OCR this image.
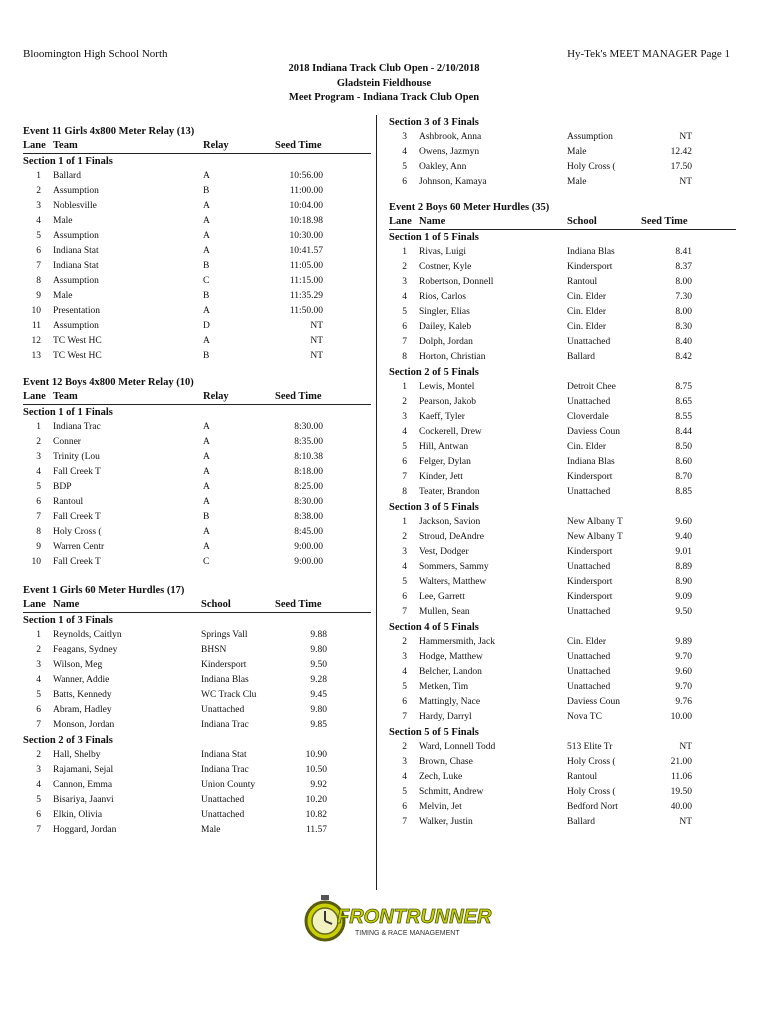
Bloomington High School North	Hy-Tek's MEET MANAGER Page 1
2018 Indiana Track Club Open - 2/10/2018
Gladstein Fieldhouse
Meet Program - Indiana Track Club Open
Event 11 Girls 4x800 Meter Relay (13)
Lane Team	Relay	Seed Time
Section 1 of 1 Finals
1 Ballard	A	10:56.00
2 Assumption	B	11:00.00
3 Noblesville	A	10:04.00
4 Male	A	10:18.98
5 Assumption	A	10:30.00
6 Indiana Stat	A	10:41.57
7 Indiana Stat	B	11:05.00
8 Assumption	C	11:15.00
9 Male	B	11:35.29
10 Presentation	A	11:50.00
11 Assumption	D	NT
12 TC West HC	A	NT
13 TC West HC	B	NT
Event 12 Boys 4x800 Meter Relay (10)
Lane Team	Relay	Seed Time
Section 1 of 1 Finals
1 Indiana Trac	A	8:30.00
2 Conner	A	8:35.00
3 Trinity (Lou	A	8:10.38
4 Fall Creek T	A	8:18.00
5 BDP	A	8:25.00
6 Rantoul	A	8:30.00
7 Fall Creek T	B	8:38.00
8 Holy Cross (	A	8:45.00
9 Warren Centr	A	9:00.00
10 Fall Creek T	C	9:00.00
Event 1 Girls 60 Meter Hurdles (17)
Lane Name	School	Seed Time
Section 1 of 3 Finals
1 Reynolds, Caitlyn	Springs Vall	9.88
2 Feagans, Sydney	BHSN	9.80
3 Wilson, Meg	Kindersport	9.50
4 Wanner, Addie	Indiana Blas	9.28
5 Batts, Kennedy	WC Track Clu	9.45
6 Abram, Hadley	Unattached	9.80
7 Monson, Jordan	Indiana Trac	9.85
Section 2 of 3 Finals
2 Hall, Shelby	Indiana Stat	10.90
3 Rajamani, Sejal	Indiana Trac	10.50
4 Cannon, Emma	Union County	9.92
5 Bisariya, Jaanvi	Unattached	10.20
6 Elkin, Olivia	Unattached	10.82
7 Hoggard, Jordan	Male	11.57
Section 3 of 3 Finals
3 Ashbrook, Anna	Assumption	NT
4 Owens, Jazmyn	Male	12.42
5 Oakley, Ann	Holy Cross (	17.50
6 Johnson, Kamaya	Male	NT
Event 2 Boys 60 Meter Hurdles (35)
Lane Name	School	Seed Time
Section 1 of 5 Finals
1 Rivas, Luigi	Indiana Blas	8.41
2 Costner, Kyle	Kindersport	8.37
3 Robertson, Donnell	Rantoul	8.00
4 Rios, Carlos	Cin. Elder	7.30
5 Singler, Elias	Cin. Elder	8.00
6 Dailey, Kaleb	Cin. Elder	8.30
7 Dolph, Jordan	Unattached	8.40
8 Horton, Christian	Ballard	8.42
Section 2 of 5 Finals
1 Lewis, Montel	Detroit Chee	8.75
2 Pearson, Jakob	Unattached	8.65
3 Kaeff, Tyler	Cloverdale	8.55
4 Cockerell, Drew	Daviess Coun	8.44
5 Hill, Antwan	Cin. Elder	8.50
6 Felger, Dylan	Indiana Blas	8.60
7 Kinder, Jett	Kindersport	8.70
8 Teater, Brandon	Unattached	8.85
Section 3 of 5 Finals
1 Jackson, Savion	New Albany T	9.60
2 Stroud, DeAndre	New Albany T	9.40
3 Vest, Dodger	Kindersport	9.01
4 Sommers, Sammy	Unattached	8.89
5 Walters, Matthew	Kindersport	8.90
6 Lee, Garrett	Kindersport	9.09
7 Mullen, Sean	Unattached	9.50
Section 4 of 5 Finals
2 Hammersmith, Jack	Cin. Elder	9.89
3 Hodge, Matthew	Unattached	9.70
4 Belcher, Landon	Unattached	9.60
5 Metken, Tim	Unattached	9.70
6 Mattingly, Nace	Daviess Coun	9.76
7 Hardy, Darryl	Nova TC	10.00
Section 5 of 5 Finals
2 Ward, Lonnell Todd	513 Elite Tr	NT
3 Brown, Chase	Holy Cross (	21.00
4 Zech, Luke	Rantoul	11.06
5 Schmitt, Andrew	Holy Cross (	19.50
6 Melvin, Jet	Bedford Nort	40.00
7 Walker, Justin	Ballard	NT
FRONTRUNNER
TIMING & RACE MANAGEMENT
